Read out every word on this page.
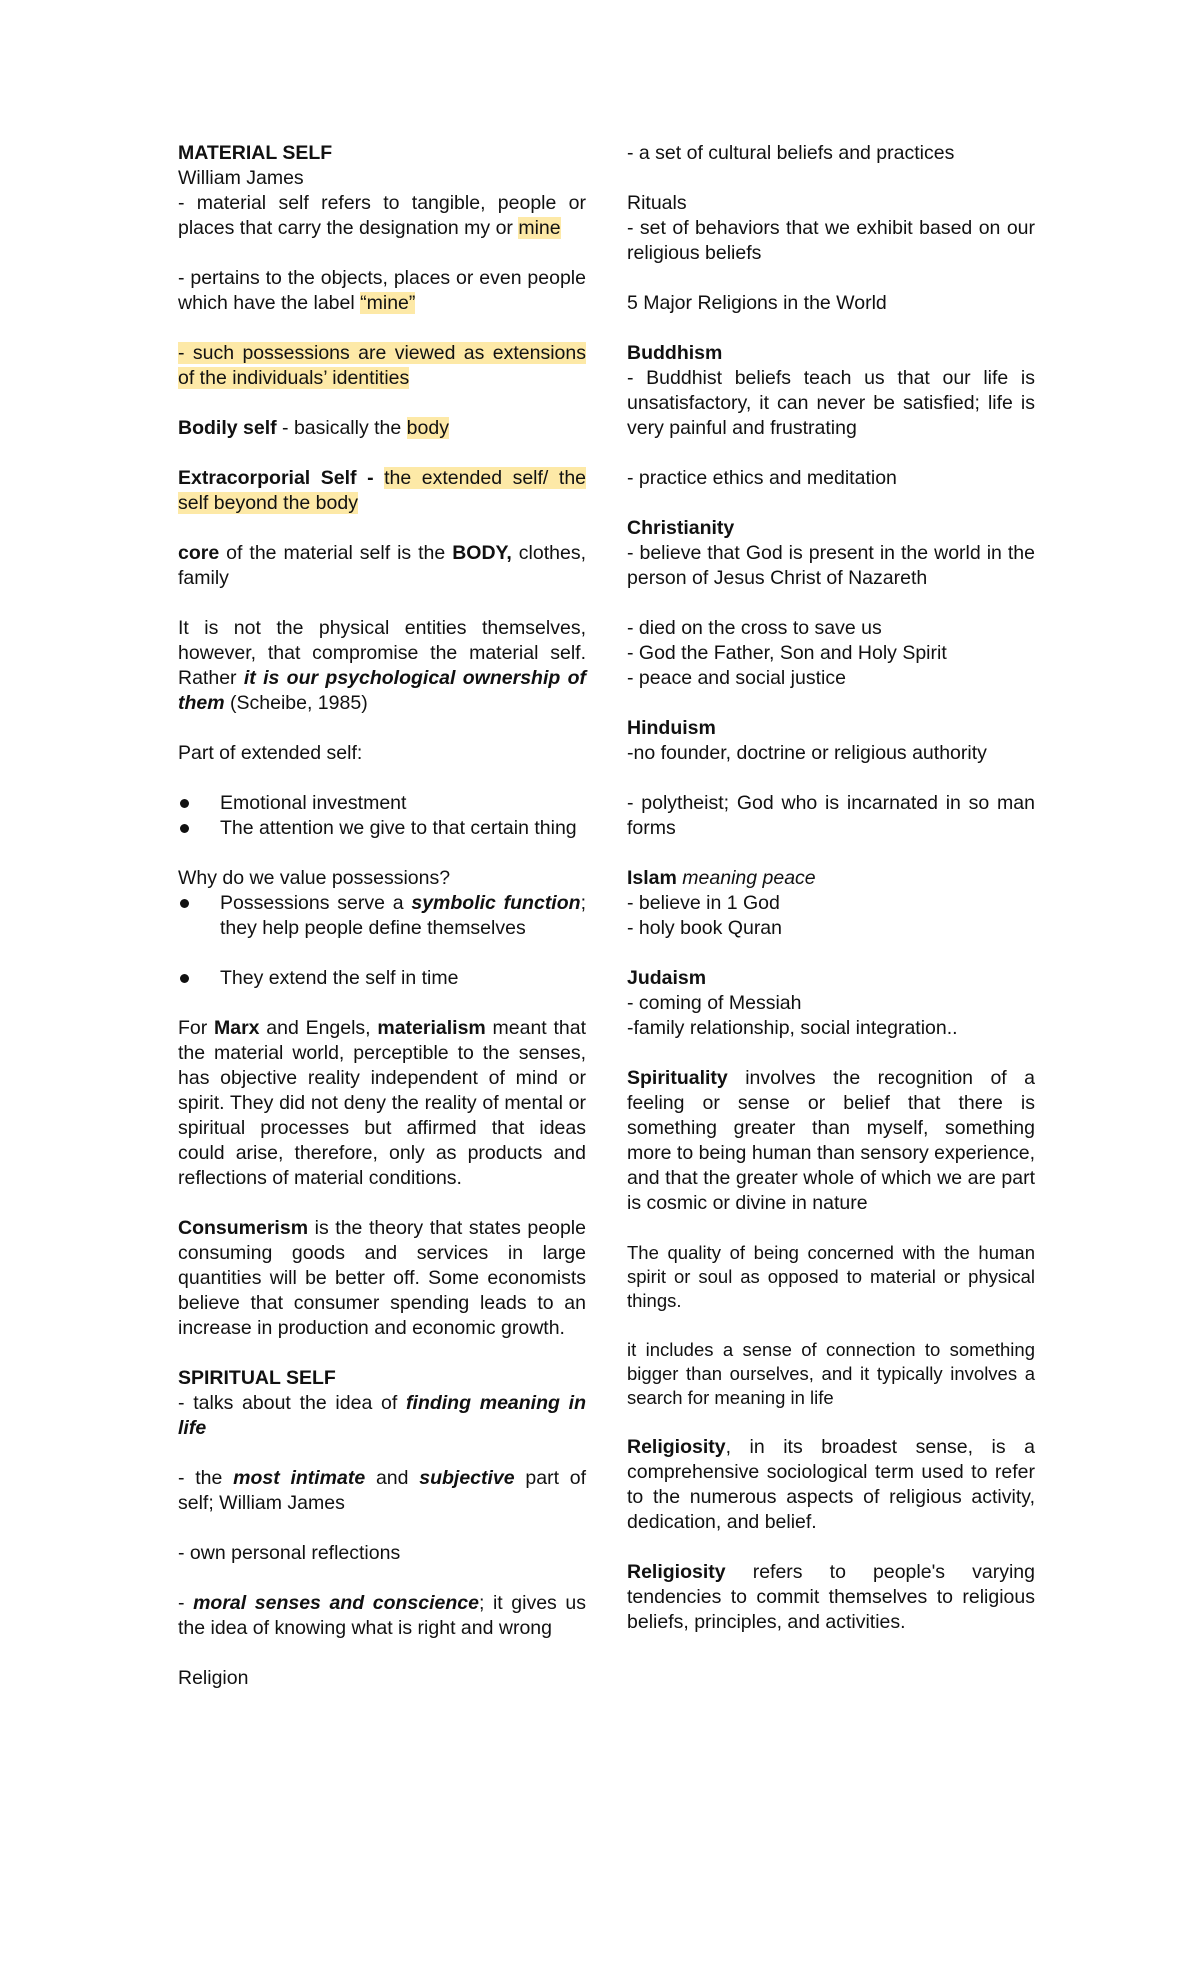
MATERIAL SELF

William James

- material self refers to tangible, people or places that carry the designation my or mine

- pertains to the objects, places or even people which have the label “mine”

- such possessions are viewed as extensions of the individuals’ identities

Bodily self - basically the body

Extracorporial Self - the extended self/ the self beyond the body

core of the material self is the BODY, clothes, family

It is not the physical entities themselves, however, that compromise the material self. Rather it is our psychological ownership of them (Scheibe, 1985)

Part of extended self:

Emotional investment
The attention we give to that certain thing

Why do we value possessions?

Possessions serve a symbolic function; they help people define themselves
They extend the self in time

For Marx and Engels, materialism meant that the material world, perceptible to the senses, has objective reality independent of mind or spirit. They did not deny the reality of mental or spiritual processes but affirmed that ideas could arise, therefore, only as products and reflections of material conditions.

Consumerism is the theory that states people consuming goods and services in large quantities will be better off. Some economists believe that consumer spending leads to an increase in production and economic growth.

SPIRITUAL SELF

- talks about the idea of finding meaning in life

- the most intimate and subjective part of self; William James

- own personal reflections

- moral senses and conscience; it gives us the idea of knowing what is right and wrong

Religion

- a set of cultural beliefs and practices

Rituals

- set of behaviors that we exhibit based on our religious beliefs

5 Major Religions in the World

Buddhism

- Buddhist beliefs teach us that our life is unsatisfactory, it can never be satisfied; life is very painful and frustrating

- practice ethics and meditation

Christianity

- believe that God is present in the world in the person of Jesus Christ of Nazareth

- died on the cross to save us

- God the Father, Son and Holy Spirit

- peace and social justice

Hinduism

-no founder, doctrine or religious authority

- polytheist; God who is incarnated in so man forms

Islam meaning peace

- believe in 1 God

- holy book Quran

Judaism

- coming of Messiah

-family relationship, social integration..

Spirituality involves the recognition of a feeling or sense or belief that there is something greater than myself, something more to being human than sensory experience, and that the greater whole of which we are part is cosmic or divine in nature

The quality of being concerned with the human spirit or soul as opposed to material or physical things.

it includes a sense of connection to something bigger than ourselves, and it typically involves a search for meaning in life

Religiosity, in its broadest sense, is a comprehensive sociological term used to refer to the numerous aspects of religious activity, dedication, and belief.

Religiosity refers to people's varying tendencies to commit themselves to religious beliefs, principles, and activities.
